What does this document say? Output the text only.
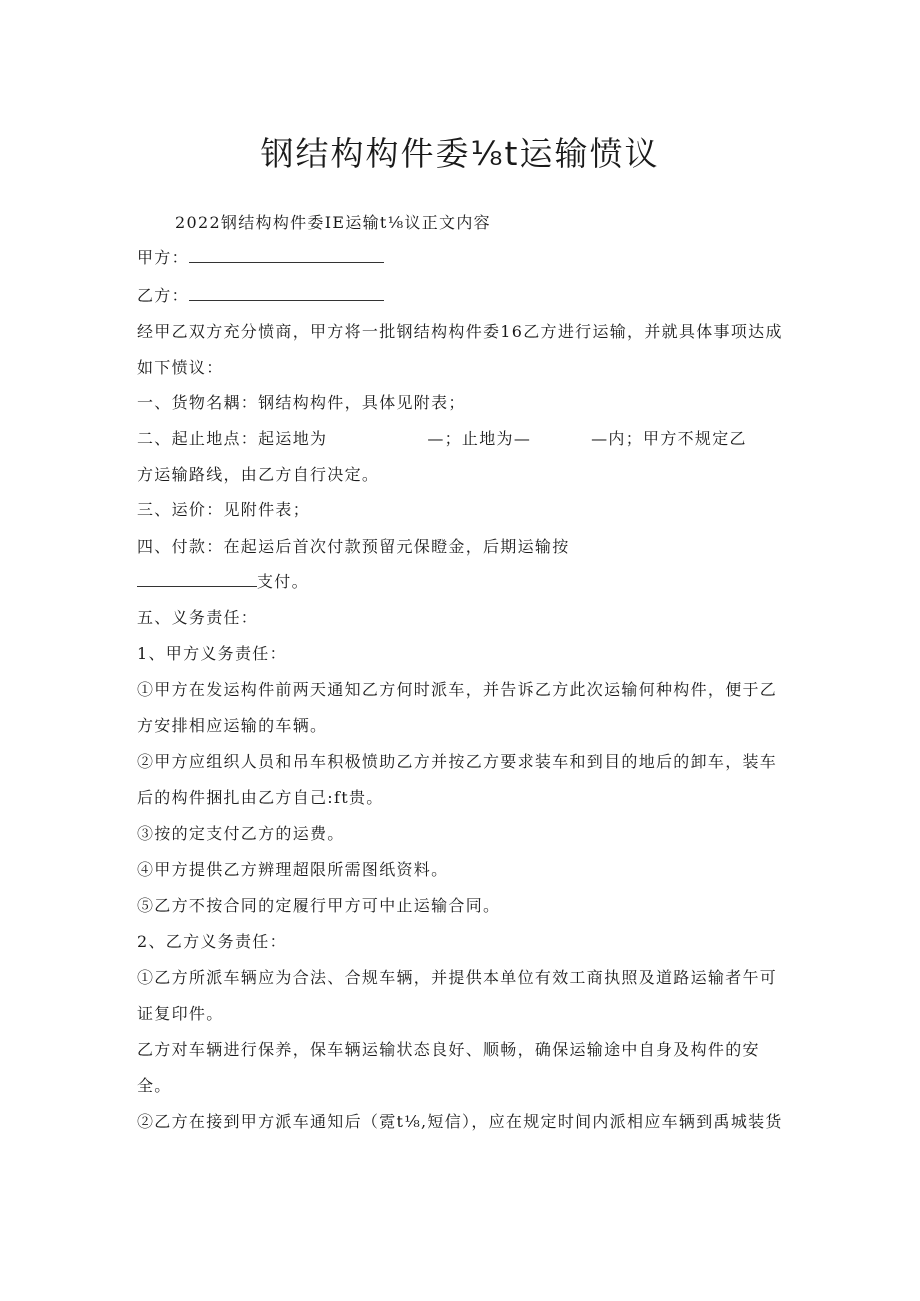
钢结构构件委⅛t运输愤议
2022钢结构构件委IE运输t⅛议正文内容
甲方：
乙方：
经甲乙双方充分愤商，甲方将一批钢结构构件委16乙方进行运输，并就具体事项达成
如下愤议：
一、货物名耦：钢结构构件，具体见附表；
二、起止地点：起运地为	—；止地为—	—内；甲方不规定乙
方运输路线，由乙方自行决定。
三、运价：见附件表；
四、付款：在起运后首次付款预留元保瞪金，后期运输按
支付。
五、义务责任：
1、甲方义务责任：
①甲方在发运构件前两天通知乙方何时派车，并告诉乙方此次运输何种构件，便于乙
方安排相应运输的车辆。
②甲方应组织人员和吊车积极愤助乙方并按乙方要求装车和到目的地后的卸车，装车
后的构件捆扎由乙方自己:ft贵。
③按的定支付乙方的运费。
④甲方提供乙方辨理超限所需图纸资料。
⑤乙方不按合同的定履行甲方可中止运输合同。
2、乙方义务责任：
①乙方所派车辆应为合法、合规车辆，并提供本单位有效工商执照及道路运输者午可
证复印件。
乙方对车辆进行保养，保车辆运输状态良好、顺畅，确保运输途中自身及构件的安
全。
②乙方在接到甲方派车通知后（霓t⅛,短信），应在规定时间内派相应车辆到禹城装货
